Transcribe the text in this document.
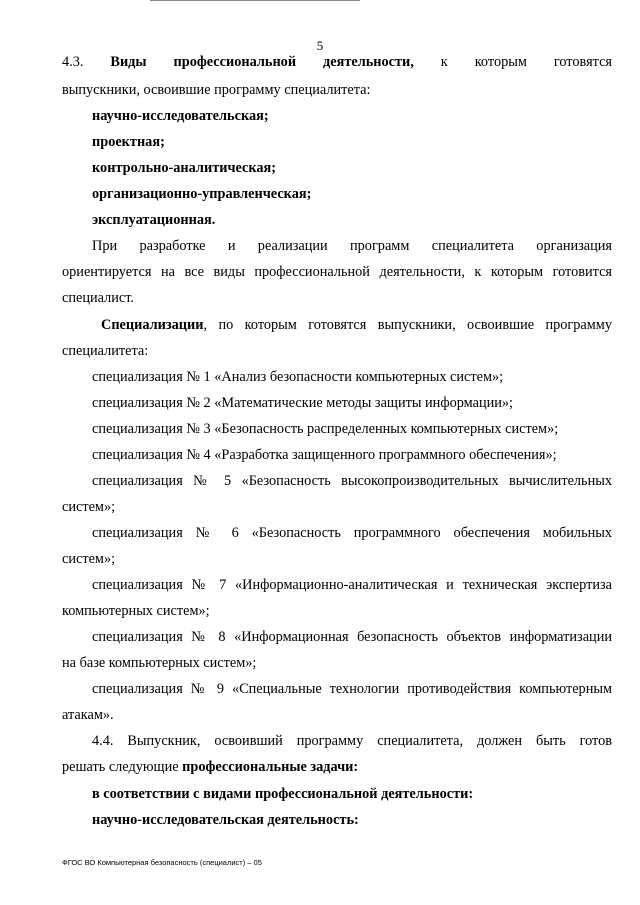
5
4.3. Виды профессиональной деятельности, к которым готовятся
выпускники, освоившие программу специалитета:
научно-исследовательская;
проектная;
контрольно-аналитическая;
организационно-управленческая;
эксплуатационная.
При разработке и реализации программ специалитета организация
ориентируется на все виды профессиональной деятельности, к которым готовится
специалист.
Специализации, по которым готовятся выпускники, освоившие программу
специалитета:
специализация № 1 «Анализ безопасности компьютерных систем»;
специализация № 2 «Математические методы защиты информации»;
специализация № 3 «Безопасность распределенных компьютерных систем»;
специализация № 4 «Разработка защищенного программного обеспечения»;
специализация № 5 «Безопасность высокопроизводительных вычислительных
систем»;
специализация № 6 «Безопасность программного обеспечения мобильных
систем»;
специализация № 7 «Информационно-аналитическая и техническая экспертиза
компьютерных систем»;
специализация № 8 «Информационная безопасность объектов информатизации
на базе компьютерных систем»;
специализация № 9 «Специальные технологии противодействия компьютерным
атакам».
4.4. Выпускник, освоивший программу специалитета, должен быть готов
решать следующие профессиональные задачи:
в соответствии с видами профессиональной деятельности:
научно-исследовательская деятельность:
ФГОС ВО Компьютерная безопасность (специалист) – 05
